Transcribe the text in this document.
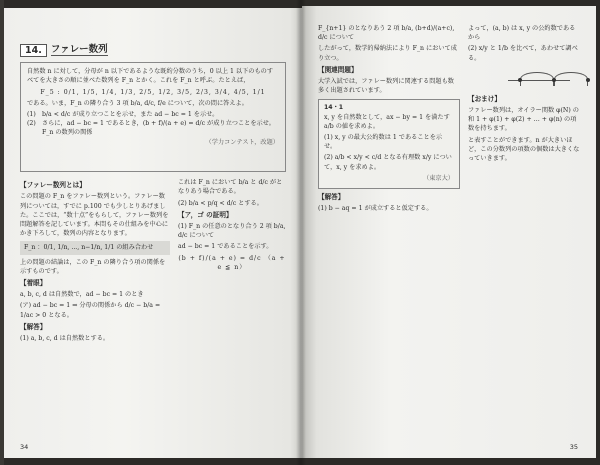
14. ファレー数列

自然数 n に対して，分母が n 以下であるような既約分数のうち，0 以上 1 以下のものすべてを大きさの順に並べた数列を F_n とかく。これを F_n と呼ぶ。たとえば，

F_5 : 0/1, 1/5, 1/4, 1/3, 2/5, 1/2, 3/5, 2/3, 3/4, 4/5, 1/1

である。いま，F_n の隣り合う 3 項 b/a, d/c, f/e について，次の問に答えよ。

(1) b/a < d/c が成り立つことを示せ，また ad − bc = 1 を示せ。
(2) さらに，ad − bc = 1 であるとき，(b + f)/(a + e) = d/c が成り立つことを示せ。F_n の数列の関係

（学力コンテスト，改題）

【ファレー数列とは】

この問題の F_n をファレー数列という。ファレー数列については，すでに p.100 でも少しとりあげました。ここでは，“数十点”をもらして，ファレー数列を問題解答を記しています。本問もその仕組みを中心にかき下ろして，数列の内容となります。

F_n ：0/1, 1/n, ..., n−1/n, 1/1 の組み合わせ

上の問題の結論は，この F_n の隣り合う項の関係を示すものです。

【着眼】

a, b, c, d は自然数で，ad − bc = 1 のとき

(ア) ad − bc = 1 ⇒ 分母の関係から d/c − b/a = 1/ac > 0 となる。

【解答】

(1) a, b, c, d は自然数とする。

これは F_n において b/a と d/c がとなりあう場合である。

(2) b/a < p/q < d/c とする。

【ア，ゴ の証明】

(1) F_n の任意のとなり合う 2 項 b/a, d/c について

ad − bc = 1 であることを示す。

(b + f)/(a + e) = d/c （a + e ≦ n）

34

F_{n+1} のとなりあう 2 項 b/a, (b+d)/(a+c), d/c について

したがって，数学的帰納法により F_n において成り立つ。

【関連問題】

大学入試では，ファレー数列に関連する問題も数多く出題されています。

14・1

x, y を自然数として，ax − by = 1 を満たす a/b の値を求めよ。

(1) x, y の最大公約数は 1 であることを示せ。

(2) a/b < x/y < c/d となる有理数 x/y について，x, y を求めよ。

（東京大）

【解答】

(1) b − aq = 1 が成立すると仮定する。

よって，(a, b) は x, y の公約数であるから

(2) x/y と 1/b を比べて，あわせて調べる。

【おまけ】

ファレー数列は，オイラー関数 φ(N) の和 1 + φ(1) + φ(2) + … + φ(n) の項数を持ちます。

と表すことができます。n が大きいほど，この分数列の項数の個数は大きくなっていきます。

35
